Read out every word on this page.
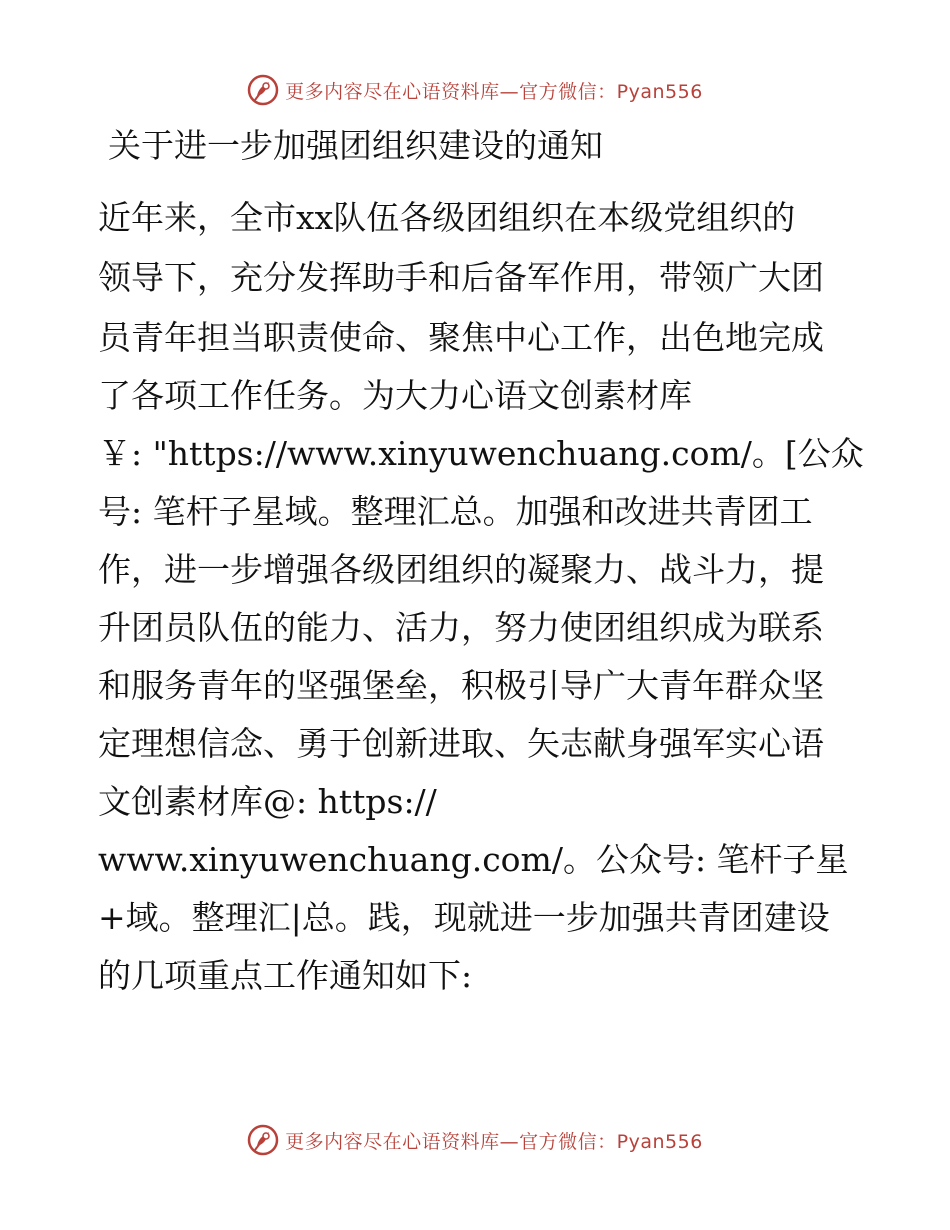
更多内容尽在心语资料库—官方微信：Pyan556
关于进一步加强团组织建设的通知

近年来，全市xx队伍各级团组织在本级党组织的

领导下，充分发挥助手和后备军作用，带领广大团

员青年担当职责使命、聚焦中心工作，出色地完成

了各项工作任务。为大力心语文创素材库

￥: "https://www.xinyuwenchuang.com/。[公众

号: 笔杆子星域。整理汇总。加强和改进共青团工

作，进一步增强各级团组织的凝聚力、战斗力，提

升团员队伍的能力、活力，努力使团组织成为联系

和服务青年的坚强堡垒，积极引导广大青年群众坚

定理想信念、勇于创新进取、矢志献身强军实心语

文创素材库@: https://

www.xinyuwenchuang.com/。公众号: 笔杆子星

+域。整理汇|总。践，现就进一步加强共青团建设

的几项重点工作通知如下:

更多内容尽在心语资料库—官方微信：Pyan556
